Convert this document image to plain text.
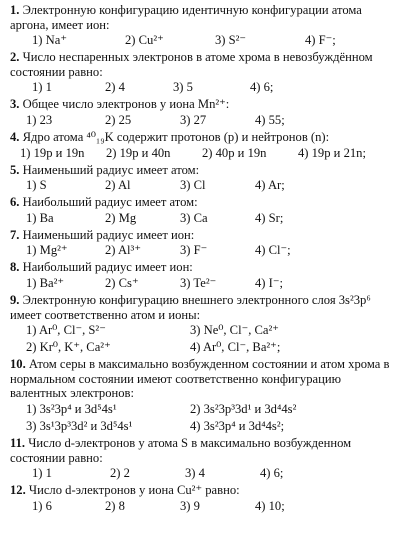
1. Электронную конфигурацию идентичную конфигурации атома аргона, имеет ион:

1) Na⁺	2) Cu²⁺	3) S²⁻	4) F⁻;

2. Число неспаренных электронов в атоме хрома в невозбуждённом состоянии равно:

1) 1	2) 4	3) 5	4) 6;

3. Общее число электронов у иона Mn²⁺:

1) 23	2) 25	3) 27	4) 55;

4. Ядро атома ⁴⁰₁₉K содержит протонов (p) и нейтронов (n):

1) 19p и 19n 2) 19p и 40n	2) 40p и 19n	4) 19p и 21n;

5. Наименьший радиус имеет атом:

1) S	2) Al	3) Cl	4) Ar;

6. Наибольший радиус имеет атом:

1) Ba	2) Mg	3) Ca	4) Sr;

7. Наименьший радиус имеет ион:

1) Mg²⁺	2) Al³⁺	3) F⁻	4) Cl⁻;

8. Наибольший радиус имеет ион:

1) Ba²⁺	2) Cs⁺	3) Te²⁻	4) I⁻;

9. Электронную конфигурацию внешнего электронного слоя 3s²3p⁶ имеет соответственно атом и ионы:

1) Ar⁰, Cl⁻, S²⁻	3) Ne⁰, Cl⁻, Ca²⁺
2) Kr⁰, K⁺, Ca²⁺	4) Ar⁰, Cl⁻, Ba²⁺;

10. Атом серы в максимально возбужденном состоянии и атом хрома в нормальном состоянии имеют соответственно конфигурацию валентных электронов:

1) 3s²3p⁴ и 3d⁵4s¹	2) 3s²3p³3d¹ и 3d⁴4s²
3) 3s¹3p³3d² и 3d⁵4s¹	4) 3s²3p⁴ и 3d⁴4s²;

11. Число d-электронов у атома S в максимально возбужденном состоянии равно:

1) 1	2) 2	3) 4	4) 6;

12. Число d-электронов у иона Cu²⁺ равно:

1) 6	2) 8	3) 9	4) 10;
